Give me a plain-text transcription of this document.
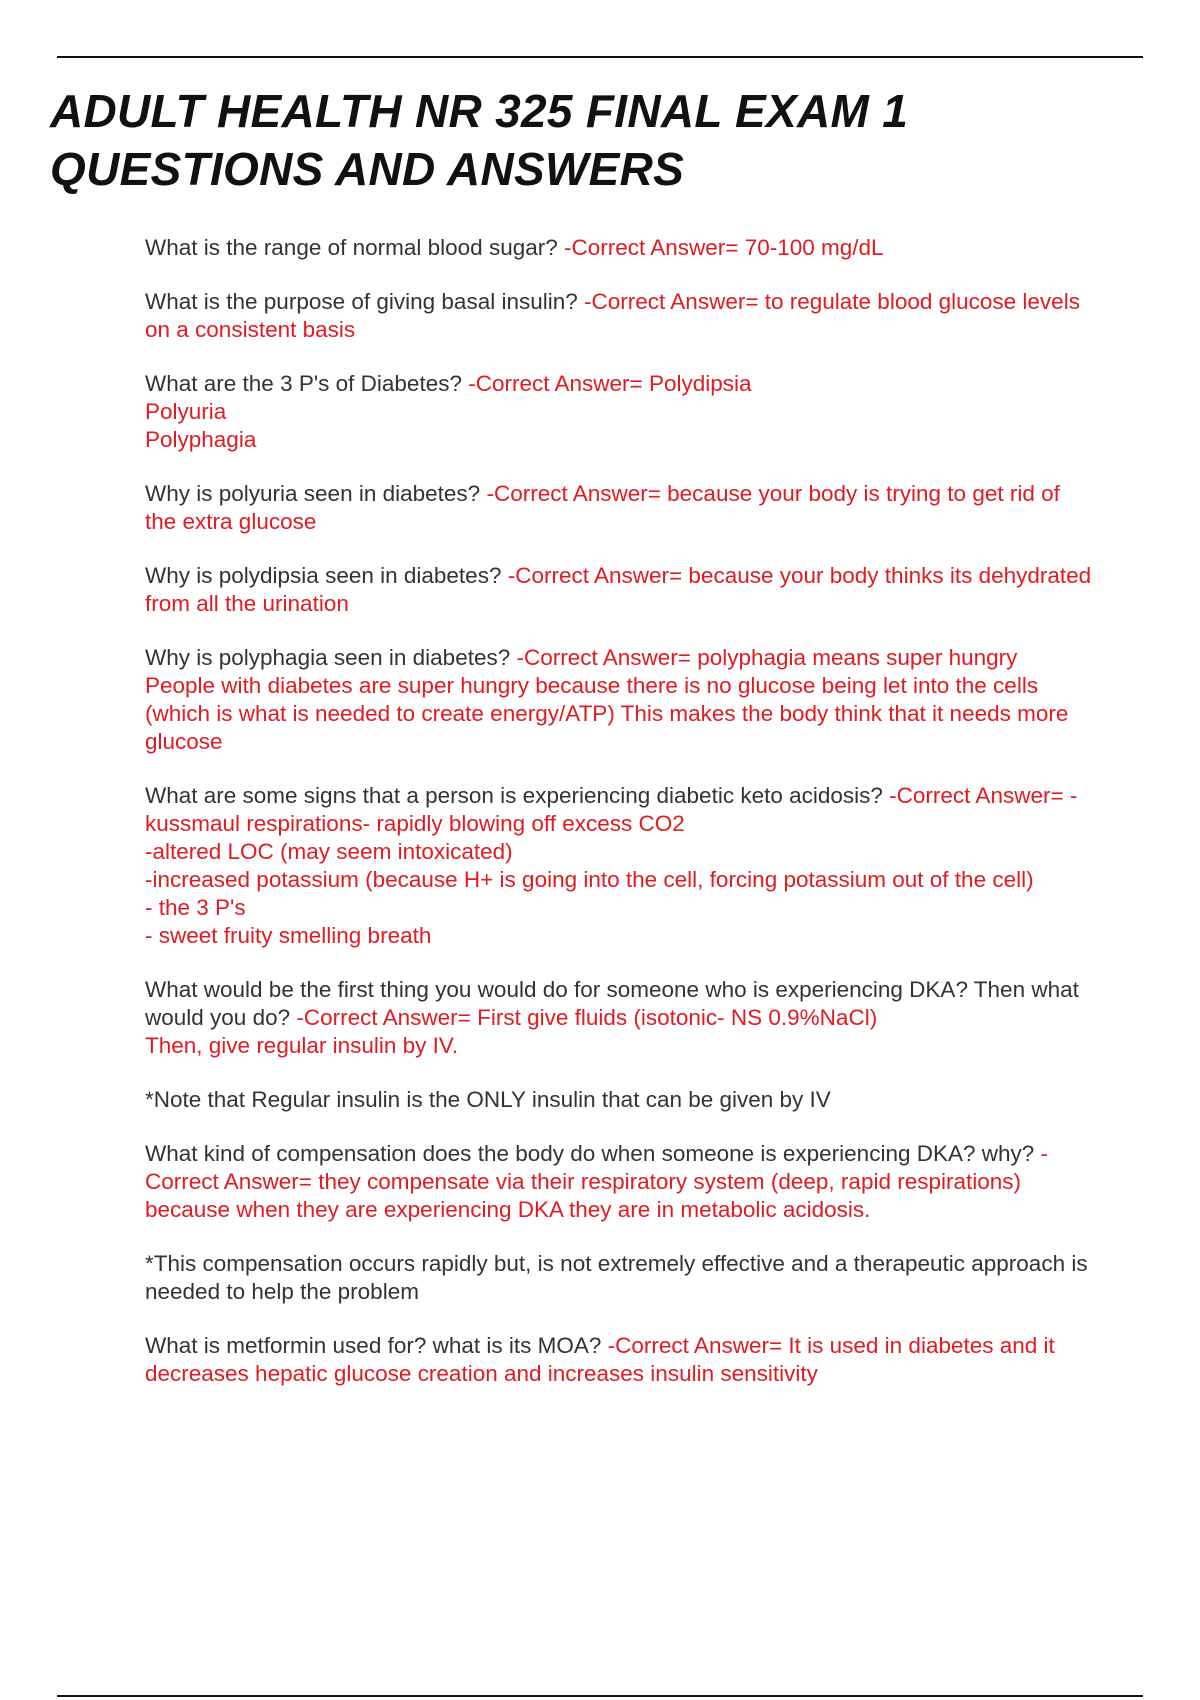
ADULT HEALTH NR 325 FINAL EXAM 1
QUESTIONS AND ANSWERS

What is the range of normal blood sugar? -Correct Answer= 70-100 mg/dL

What is the purpose of giving basal insulin? -Correct Answer= to regulate blood glucose levels on a consistent basis

What are the 3 P's of Diabetes? -Correct Answer= Polydipsia
Polyuria
Polyphagia

Why is polyuria seen in diabetes? -Correct Answer= because your body is trying to get rid of the extra glucose

Why is polydipsia seen in diabetes? -Correct Answer= because your body thinks its dehydrated from all the urination

Why is polyphagia seen in diabetes? -Correct Answer= polyphagia means super hungry
People with diabetes are super hungry because there is no glucose being let into the cells (which is what is needed to create energy/ATP) This makes the body think that it needs more glucose

What are some signs that a person is experiencing diabetic keto acidosis? -Correct Answer= -kussmaul respirations- rapidly blowing off excess CO2
-altered LOC (may seem intoxicated)
-increased potassium (because H+ is going into the cell, forcing potassium out of the cell)
- the 3 P's
- sweet fruity smelling breath

What would be the first thing you would do for someone who is experiencing DKA? Then what would you do? -Correct Answer= First give fluids (isotonic- NS 0.9%NaCl)
Then, give regular insulin by IV.

*Note that Regular insulin is the ONLY insulin that can be given by IV

What kind of compensation does the body do when someone is experiencing DKA? why? -Correct Answer= they compensate via their respiratory system (deep, rapid respirations) because when they are experiencing DKA they are in metabolic acidosis.

*This compensation occurs rapidly but, is not extremely effective and a therapeutic approach is needed to help the problem

What is metformin used for? what is its MOA? -Correct Answer= It is used in diabetes and it decreases hepatic glucose creation and increases insulin sensitivity
